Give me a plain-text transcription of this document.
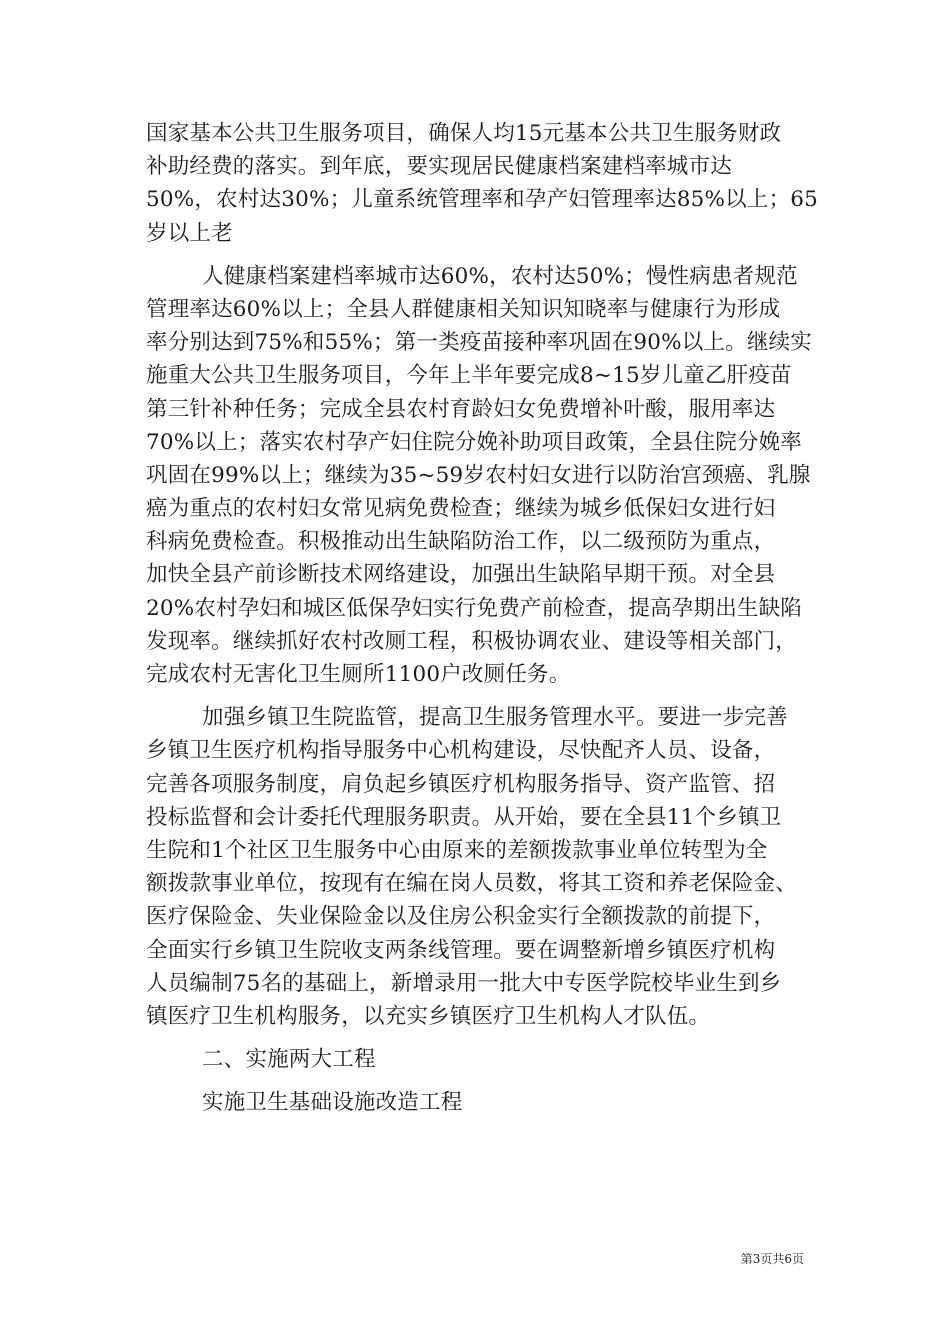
国家基本公共卫生服务项目，确保人均15元基本公共卫生服务财政
补助经费的落实。到年底，要实现居民健康档案建档率城市达
50%，农村达30%；儿童系统管理率和孕产妇管理率达85%以上；65
岁以上老
人健康档案建档率城市达60%，农村达50%；慢性病患者规范
管理率达60%以上；全县人群健康相关知识知晓率与健康行为形成
率分别达到75%和55%；第一类疫苗接种率巩固在90%以上。继续实
施重大公共卫生服务项目，今年上半年要完成8~15岁儿童乙肝疫苗
第三针补种任务；完成全县农村育龄妇女免费增补叶酸，服用率达
70%以上；落实农村孕产妇住院分娩补助项目政策，全县住院分娩率
巩固在99%以上；继续为35~59岁农村妇女进行以防治宫颈癌、乳腺
癌为重点的农村妇女常见病免费检查；继续为城乡低保妇女进行妇
科病免费检查。积极推动出生缺陷防治工作，以二级预防为重点，
加快全县产前诊断技术网络建设，加强出生缺陷早期干预。对全县
20%农村孕妇和城区低保孕妇实行免费产前检查，提高孕期出生缺陷
发现率。继续抓好农村改厕工程，积极协调农业、建设等相关部门，
完成农村无害化卫生厕所1100户改厕任务。
加强乡镇卫生院监管，提高卫生服务管理水平。要进一步完善
乡镇卫生医疗机构指导服务中心机构建设，尽快配齐人员、设备，
完善各项服务制度，肩负起乡镇医疗机构服务指导、资产监管、招
投标监督和会计委托代理服务职责。从开始，要在全县11个乡镇卫
生院和1个社区卫生服务中心由原来的差额拨款事业单位转型为全
额拨款事业单位，按现有在编在岗人员数，将其工资和养老保险金、
医疗保险金、失业保险金以及住房公积金实行全额拨款的前提下，
全面实行乡镇卫生院收支两条线管理。要在调整新增乡镇医疗机构
人员编制75名的基础上，新增录用一批大中专医学院校毕业生到乡
镇医疗卫生机构服务，以充实乡镇医疗卫生机构人才队伍。
二、实施两大工程
实施卫生基础设施改造工程
第3页共6页
